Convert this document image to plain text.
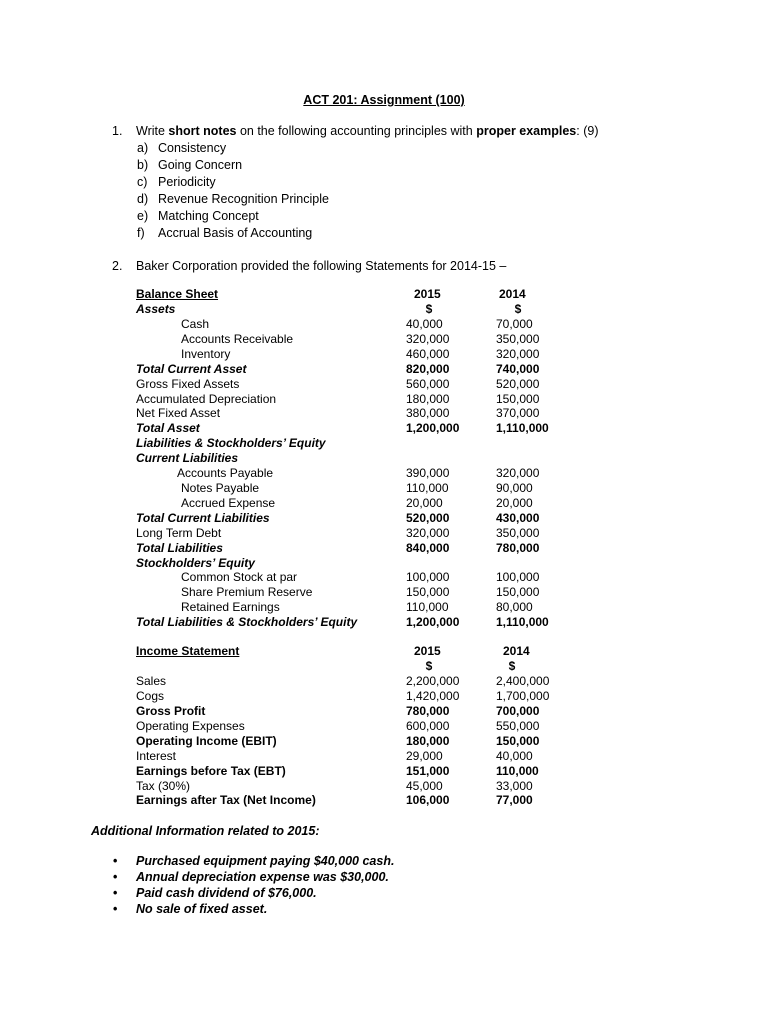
ACT 201: Assignment (100)
1. Write short notes on the following accounting principles with proper examples: (9)
a) Consistency
b) Going Concern
c) Periodicity
d) Revenue Recognition Principle
e) Matching Concept
f) Accrual Basis of Accounting
2. Baker Corporation provided the following Statements for 2014-15 –
Balance Sheet	2015	2014
Assets	$	$
Cash	40,000	70,000
Accounts Receivable	320,000	350,000
Inventory	460,000	320,000
Total Current Asset	820,000	740,000
Gross Fixed Assets	560,000	520,000
Accumulated Depreciation	180,000	150,000
Net Fixed Asset	380,000	370,000
Total Asset	1,200,000	1,110,000
Liabilities & Stockholders’ Equity
Current Liabilities
Accounts Payable	390,000	320,000
Notes Payable	110,000	90,000
Accrued Expense	20,000	20,000
Total Current Liabilities	520,000	430,000
Long Term Debt	320,000	350,000
Total Liabilities	840,000	780,000
Stockholders’ Equity
Common Stock at par	100,000	100,000
Share Premium Reserve	150,000	150,000
Retained Earnings	110,000	80,000
Total Liabilities & Stockholders’ Equity	1,200,000	1,110,000
Income Statement	2015	2014
$	$
Sales	2,200,000	2,400,000
Cogs	1,420,000	1,700,000
Gross Profit	780,000	700,000
Operating Expenses	600,000	550,000
Operating Income (EBIT)	180,000	150,000
Interest	29,000	40,000
Earnings before Tax (EBT)	151,000	110,000
Tax (30%)	45,000	33,000
Earnings after Tax (Net Income)	106,000	77,000
Additional Information related to 2015:
• Purchased equipment paying $40,000 cash.
• Annual depreciation expense was $30,000.
• Paid cash dividend of $76,000.
• No sale of fixed asset.
